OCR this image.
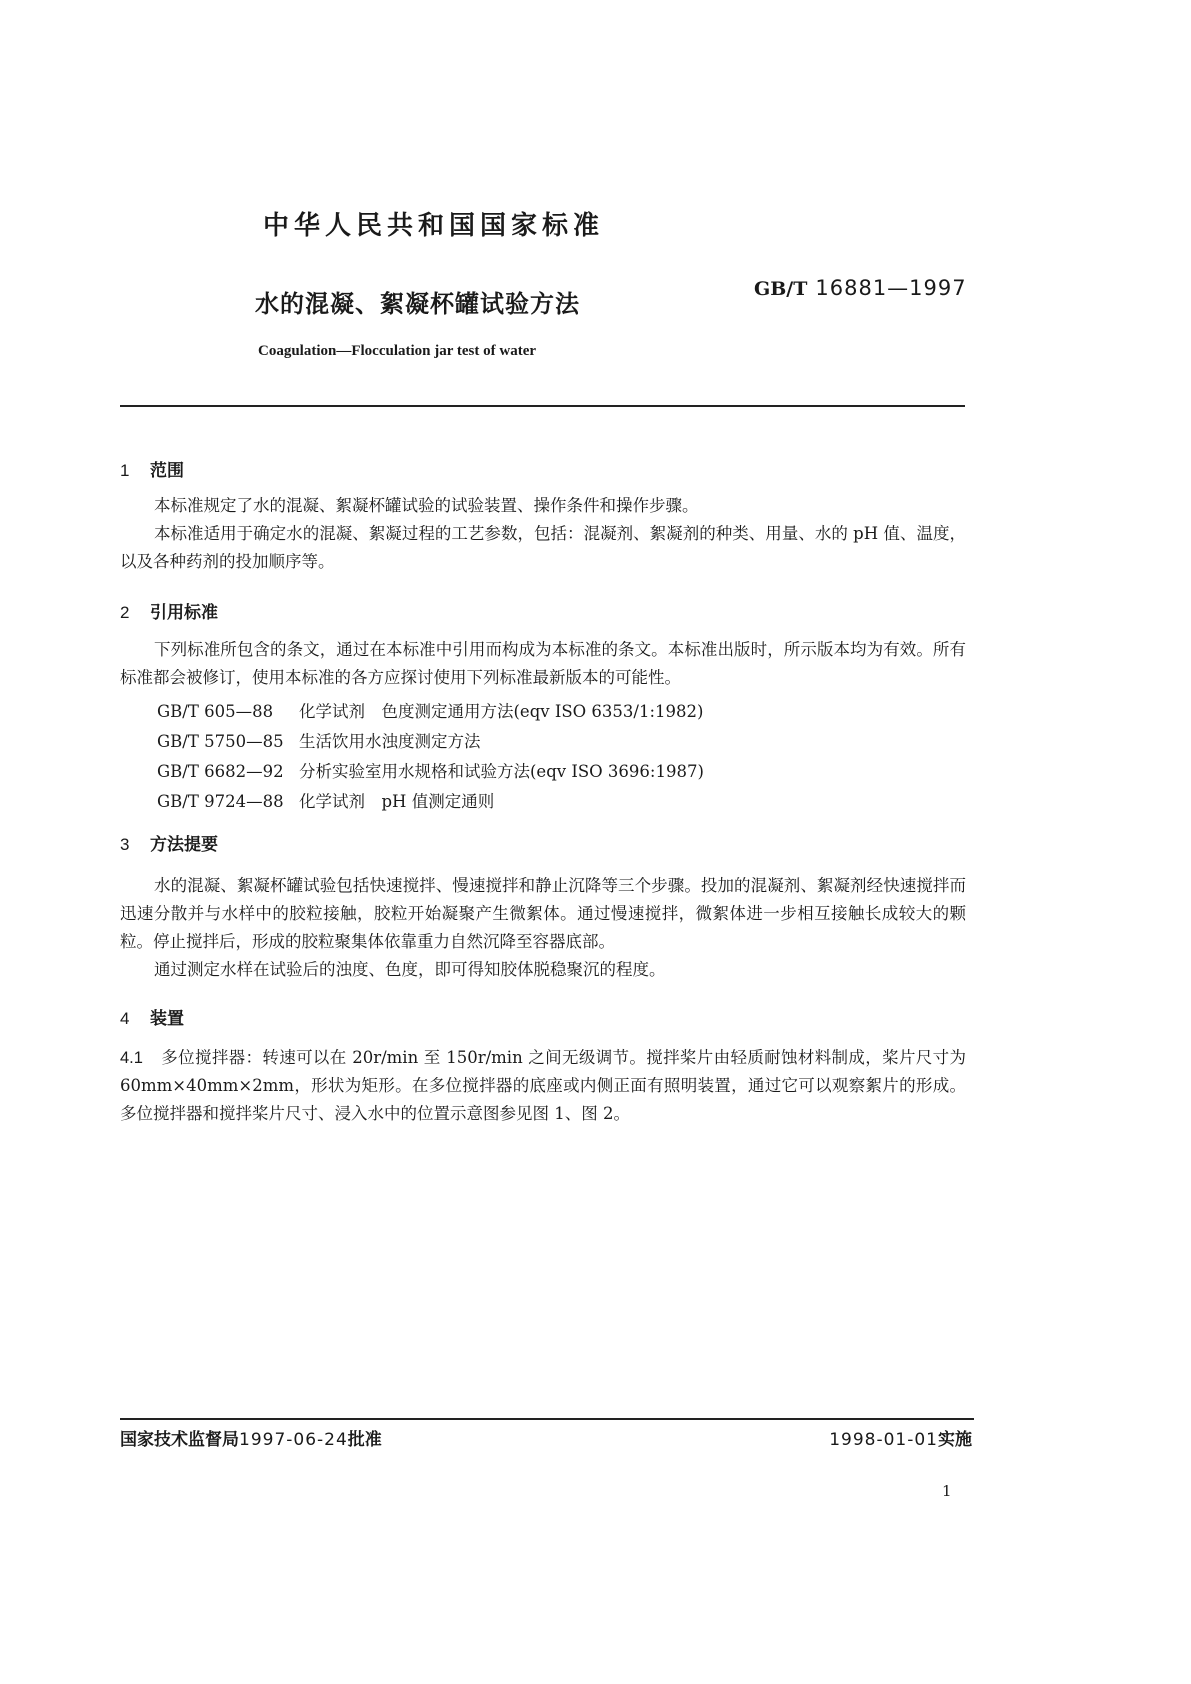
中华人民共和国国家标准
水的混凝、絮凝杯罐试验方法
GB/T 16881—1997
Coagulation—Flocculation jar test of water
1 范围
本标准规定了水的混凝、絮凝杯罐试验的试验装置、操作条件和操作步骤。
本标准适用于确定水的混凝、絮凝过程的工艺参数，包括：混凝剂、絮凝剂的种类、用量、水的 pH 值、温度，以及各种药剂的投加顺序等。
2 引用标准
下列标准所包含的条文，通过在本标准中引用而构成为本标准的条文。本标准出版时，所示版本均为有效。所有标准都会被修订，使用本标准的各方应探讨使用下列标准最新版本的可能性。
GB/T 605—88 化学试剂　色度测定通用方法(eqv ISO 6353/1:1982)
GB/T 5750—85 生活饮用水浊度测定方法
GB/T 6682—92 分析实验室用水规格和试验方法(eqv ISO 3696:1987)
GB/T 9724—88 化学试剂　pH 值测定通则
3 方法提要
水的混凝、絮凝杯罐试验包括快速搅拌、慢速搅拌和静止沉降等三个步骤。投加的混凝剂、絮凝剂经快速搅拌而迅速分散并与水样中的胶粒接触，胶粒开始凝聚产生微絮体。通过慢速搅拌，微絮体进一步相互接触长成较大的颗粒。停止搅拌后，形成的胶粒聚集体依靠重力自然沉降至容器底部。
通过测定水样在试验后的浊度、色度，即可得知胶体脱稳聚沉的程度。
4 装置
4.1 多位搅拌器：转速可以在 20r/min 至 150r/min 之间无级调节。搅拌桨片由轻质耐蚀材料制成，桨片尺寸为 60mm×40mm×2mm，形状为矩形。在多位搅拌器的底座或内侧正面有照明装置，通过它可以观察絮片的形成。多位搅拌器和搅拌桨片尺寸、浸入水中的位置示意图参见图 1、图 2。
国家技术监督局1997-06-24批准	1998-01-01实施
1
